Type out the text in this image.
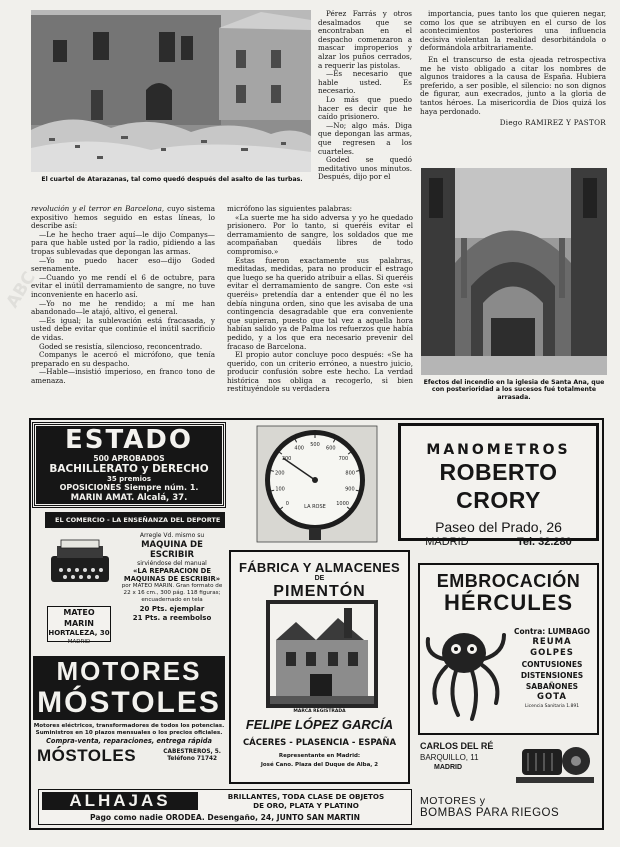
ABC
El cuartel de Atarazanas, tal como quedó después del asalto de las turbas.

Pérez Farrás y otros desalmados que se encontraban en el despacho comenzaron a mascar improperios y alzar los puños cerrados, a requerir las pistolas.

—Es necesario que hable usted. Es necesario.

Lo más que puedo hacer es decir que he caído prisionero.

—No; algo más. Diga que depongan las armas, que regresen a los cuarteles.

Goded se quedó meditativo unos minutos. Después, dijo por el

importancia, pues tanto los que quieren negar, como los que se atribuyen en el curso de los acontecimientos posteriores una influencia decisiva violentan la realidad desorbitándola o deformándola arbitrariamente.

En el transcurso de esta ojeada retrospectiva me he visto obligado a citar los nombres de algunos traidores a la causa de España. Hubiera preferido, a ser posible, el silencio: no son dignos de figurar, aun execrados, junto a la gloria de tantos héroes. La misericordia de Dios quizá los haya perdonado.

Diego RAMIREZ Y PASTOR
Efectos del incendio en la iglesia de Santa Ana, que con posterioridad a los sucesos fué totalmente arrasada.

revolución y el terror en Barcelona, cuyo sistema expositivo hemos seguido en estas líneas, lo describe así:

—Le he hecho traer aquí—le dijo Companys—para que hable usted por la radio, pidiendo a las tropas sublevadas que depongan las armas.

—Yo no puedo hacer eso—dijo Goded serenamente.

—Cuando yo me rendí el 6 de octubre, para evitar el inútil derramamiento de sangre, no tuve inconveniente en hacerlo así.

—Yo no me he rendido; a mí me han abandonado—le atajó, altivo, el general.

—Es igual; la sublevación está fracasada, y usted debe evitar que continúe el inútil sacrificio de vidas.

Goded se resistía, silencioso, reconcentrado.

Companys le acercó el micrófono, que tenía preparado en su despacho.

—Hable—insistió imperioso, en franco tono de amenaza.

micrófono las siguientes palabras:

«La suerte me ha sido adversa y yo he quedado prisionero. Por lo tanto, si queréis evitar el derramamiento de sangre, los soldados que me acompañaban quedáis libres de todo compromiso.»

Estas fueron exactamente sus palabras, meditadas, medidas, para no producir el estrago que luego se ha querido atribuir a ellas. Si queréis evitar el derramamiento de sangre. Con este «si queréis» pretendía dar a entender que él no les debía ninguna orden, sino que les avisaba de una contingencia desagradable que era conveniente que supieran, puesto que tal vez a aquella hora habían salido ya de Palma los refuerzos que había pedido, y a los que era necesario prevenir del fracaso de Barcelona.

El propio autor concluye poco después: «Se ha querido, con un criterio erróneo, a nuestro juicio, producir confusión sobre este hecho. La verdad histórica nos obliga a recogerlo, si bien restituyéndole su verdadera

ESTADO
500 APROBADOS
BACHILLERATO y DERECHO
35 premios
OPOSICIONES Siempre núm. 1.
MARIN AMAT. Alcalá, 37.
0
100
200
300
400
500
600
700
800
900
1000
LA ROSE
MANOMETROS
ROBERTO CRORY
Paseo del Prado, 26
MADRID	Tel. 32.280
EL COMERCIO - LA ENSEÑANZA DEL DEPORTE
MATEO MARIN
HORTALEZA, 30
MADRID
Arregle Vd. mismo su
MAQUINA DE ESCRIBIR
sirviéndose del manual
«LA REPARACION DE MAQUINAS DE ESCRIBIR»
por MATEO MARIN. Gran formato de 22 x 16 cm., 300 pág. 118 figuras; encuadernado en tela
20 Pts. ejemplar
21 Pts. a reembolso
FÁBRICA Y ALMACENES
DE
PIMENTÓN
MARCA REGISTRADA
FELIPE LÓPEZ GARCÍA
CÁCERES - PLASENCIA - ESPAÑA
Representante en Madrid:
José Cano. Plaza del Duque de Alba, 2
EMBROCACIÓN
HÉRCULES
Contra: LUMBAGO
REUMA
GOLPES
CONTUSIONES
DISTENSIONES
SABAÑONES
GOTA
Licencia Sanitaria 1.891
MOTORES
MÓSTOLES
Motores eléctricos, transformadores de todos los potencias. Suministros en 10 plazos mensuales o los precios oficiales.
Compra-venta, reparaciones, entrega rápida
MÓSTOLES	CABESTREROS, 5.
Teléfono 71742
CARLOS DEL RÉ
BARQUILLO, 11
MADRID
MOTORES y
BOMBAS PARA RIEGOS
ALHAJAS	BRILLANTES, TODA CLASE DE OBJETOS
DE ORO, PLATA Y PLATINO
Pago como nadie ORODEA. Desengaño, 24, JUNTO SAN MARTIN
